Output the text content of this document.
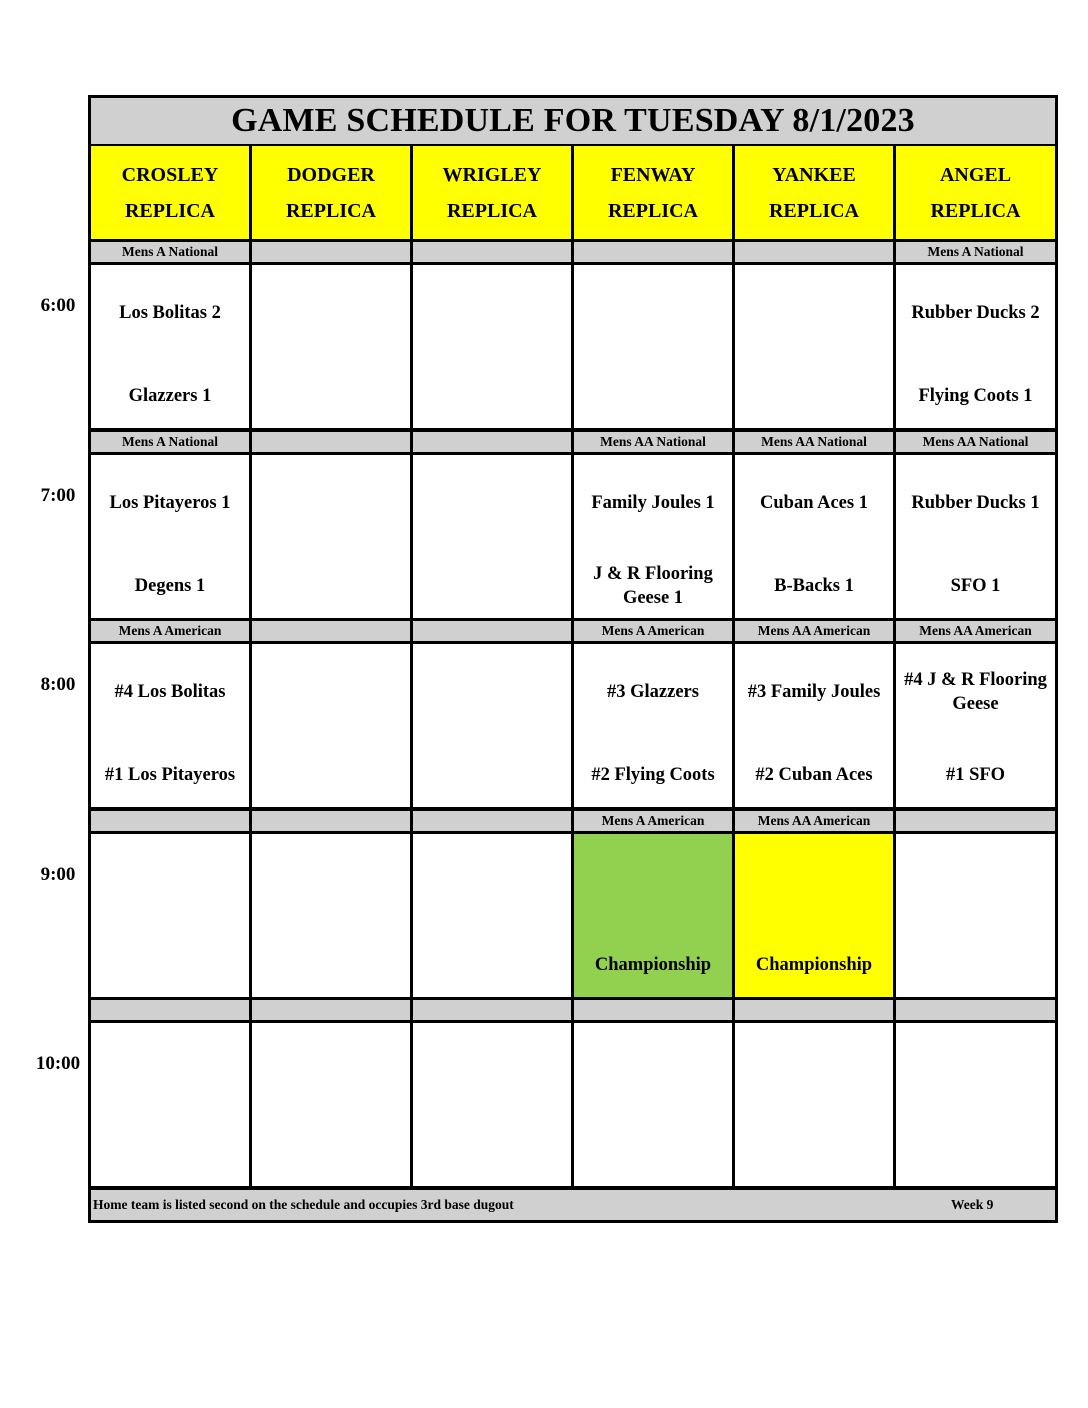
GAME SCHEDULE FOR TUESDAY 8/1/2023
CROSLEY
REPLICA
DODGER
REPLICA
WRIGLEY
REPLICA
FENWAY
REPLICA
YANKEE
REPLICA
ANGEL
REPLICA
Mens A National
Los Bolitas 2
Glazzers 1
Mens A National
Rubber Ducks 2
Flying Coots 1
Mens A National
Los Pitayeros 1
Degens 1
Mens AA National
Family Joules 1
J & R Flooring Geese 1
Mens AA National
Cuban Aces 1
B-Backs 1
Mens AA National
Rubber Ducks 1
SFO 1
Mens A American
#4 Los Bolitas
#1 Los Pitayeros
Mens A American
#3 Glazzers
#2 Flying Coots
Mens AA American
#3 Family Joules
#2 Cuban Aces
Mens AA American
#4 J & R Flooring Geese
#1 SFO
Mens A American
Championship
Mens AA American
Championship
Home team is listed second on the schedule and occupies 3rd base dugout	Week 9
6:00
7:00
8:00
9:00
10:00
